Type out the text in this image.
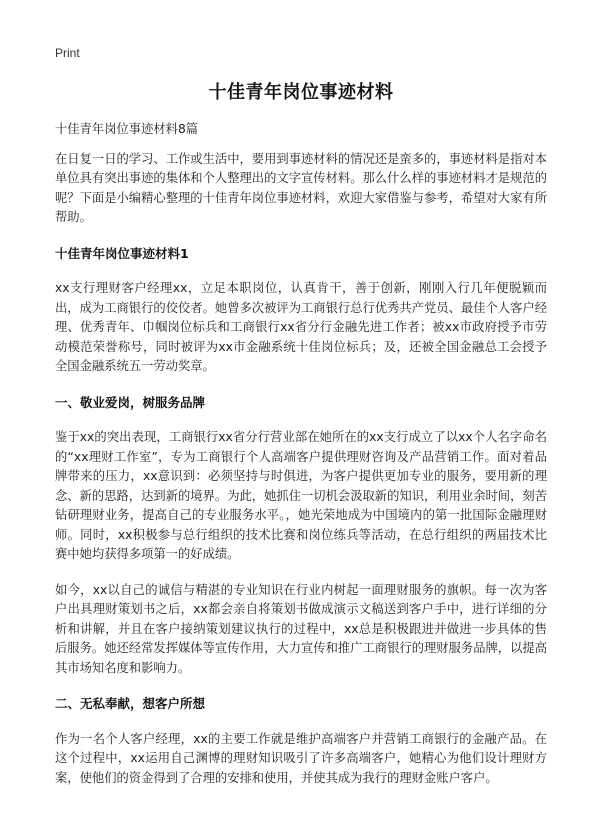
Print
十佳青年岗位事迹材料

十佳青年岗位事迹材料8篇

在日复一日的学习、工作或生活中，要用到事迹材料的情况还是蛮多的，事迹材料是指对本单位具有突出事迹的集体和个人整理出的文字宣传材料。那么什么样的事迹材料才是规范的呢？下面是小编精心整理的十佳青年岗位事迹材料，欢迎大家借鉴与参考，希望对大家有所帮助。

十佳青年岗位事迹材料1

xx支行理财客户经理xx，立足本职岗位，认真肯干，善于创新，刚刚入行几年便脱颖而出，成为工商银行的佼佼者。她曾多次被评为工商银行总行优秀共产党员、最佳个人客户经理、优秀青年、巾帼岗位标兵和工商银行xx省分行金融先进工作者；被xx市政府授予市劳动模范荣誉称号，同时被评为xx市金融系统十佳岗位标兵；及，还被全国金融总工会授予全国金融系统五一劳动奖章。

一、敬业爱岗，树服务品牌

鉴于xx的突出表现，工商银行xx省分行营业部在她所在的xx支行成立了以xx个人名字命名的“xx理财工作室”，专为工商银行个人高端客户提供理财咨询及产品营销工作。面对着品牌带来的压力，xx意识到：必须坚持与时俱进，为客户提供更加专业的服务，要用新的理念、新的思路，达到新的境界。为此，她抓住一切机会汲取新的知识，利用业余时间，刻苦钻研理财业务，提高自己的专业服务水平。，她光荣地成为中国境内的第一批国际金融理财师。同时，xx积极参与总行组织的技术比赛和岗位练兵等活动，在总行组织的两届技术比赛中她均获得多项第一的好成绩。

如今，xx以自己的诚信与精湛的专业知识在行业内树起一面理财服务的旗帜。每一次为客户出具理财策划书之后，xx都会亲自将策划书做成演示文稿送到客户手中，进行详细的分析和讲解，并且在客户接纳策划建议执行的过程中，xx总是积极跟进并做进一步具体的售后服务。她还经常发挥媒体等宣传作用，大力宣传和推广工商银行的理财服务品牌，以提高其市场知名度和影响力。

二、无私奉献，想客户所想

作为一名个人客户经理，xx的主要工作就是维护高端客户并营销工商银行的金融产品。在这个过程中，xx运用自己渊博的理财知识吸引了许多高端客户，她精心为他们设计理财方案，使他们的资金得到了合理的安排和使用，并使其成为我行的理财金账户客户。
